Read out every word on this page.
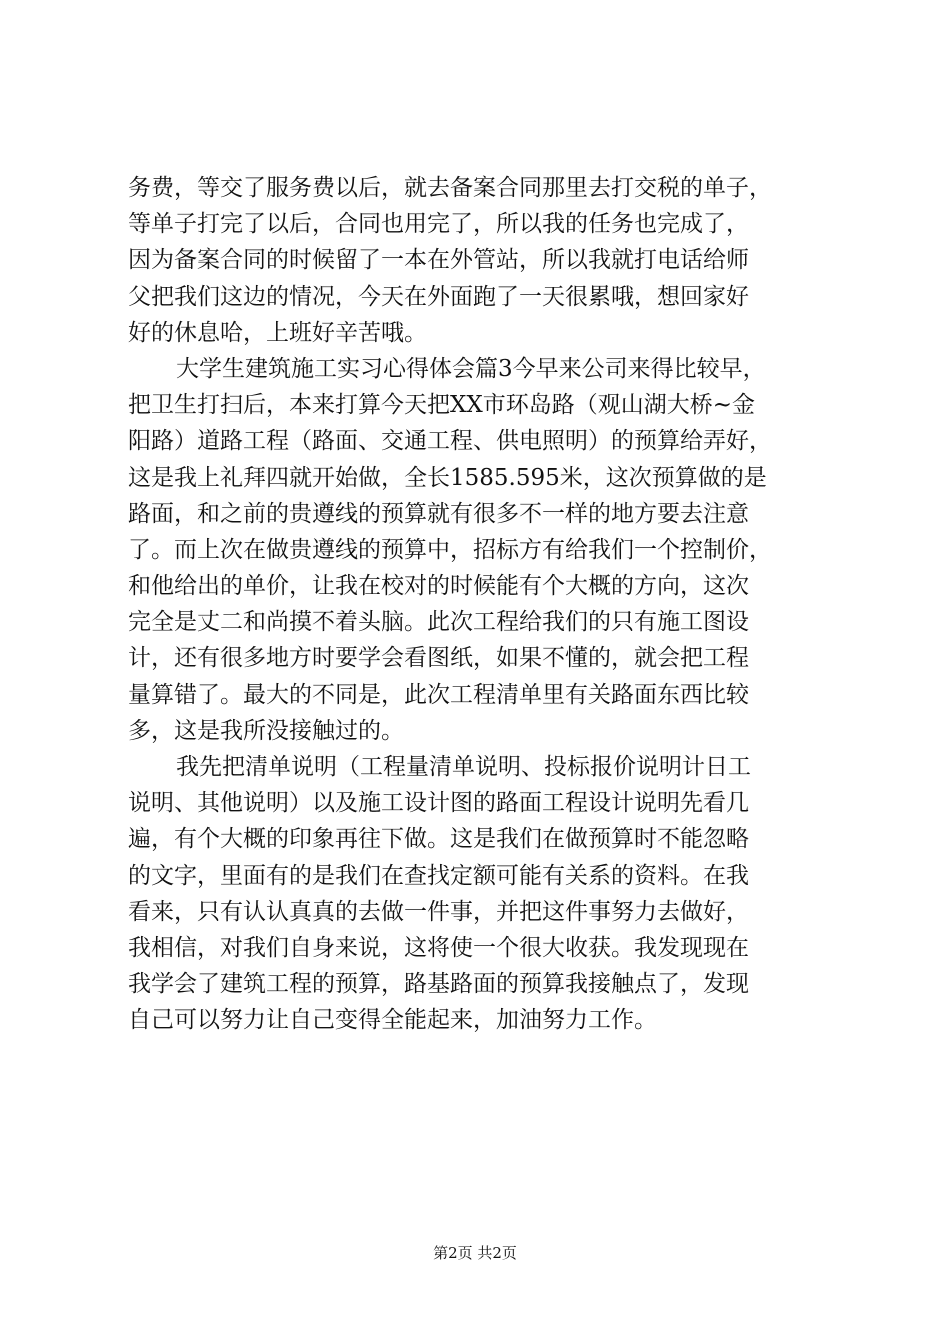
务费，等交了服务费以后，就去备案合同那里去打交税的单子，
等单子打完了以后，合同也用完了，所以我的任务也完成了，
因为备案合同的时候留了一本在外管站，所以我就打电话给师
父把我们这边的情况，今天在外面跑了一天很累哦，想回家好
好的休息哈，上班好辛苦哦。
大学生建筑施工实习心得体会篇3今早来公司来得比较早，
把卫生打扫后，本来打算今天把XX市环岛路（观山湖大桥~金
阳路）道路工程（路面、交通工程、供电照明）的预算给弄好，
这是我上礼拜四就开始做，全长1585.595米，这次预算做的是
路面，和之前的贵遵线的预算就有很多不一样的地方要去注意
了。而上次在做贵遵线的预算中，招标方有给我们一个控制价，
和他给出的单价，让我在校对的时候能有个大概的方向，这次
完全是丈二和尚摸不着头脑。此次工程给我们的只有施工图设
计，还有很多地方时要学会看图纸，如果不懂的，就会把工程
量算错了。最大的不同是，此次工程清单里有关路面东西比较
多，这是我所没接触过的。
我先把清单说明（工程量清单说明、投标报价说明计日工
说明、其他说明）以及施工设计图的路面工程设计说明先看几
遍，有个大概的印象再往下做。这是我们在做预算时不能忽略
的文字，里面有的是我们在查找定额可能有关系的资料。在我
看来，只有认认真真的去做一件事，并把这件事努力去做好，
我相信，对我们自身来说，这将使一个很大收获。我发现现在
我学会了建筑工程的预算，路基路面的预算我接触点了，发现
自己可以努力让自己变得全能起来，加油努力工作。
第2页 共2页
